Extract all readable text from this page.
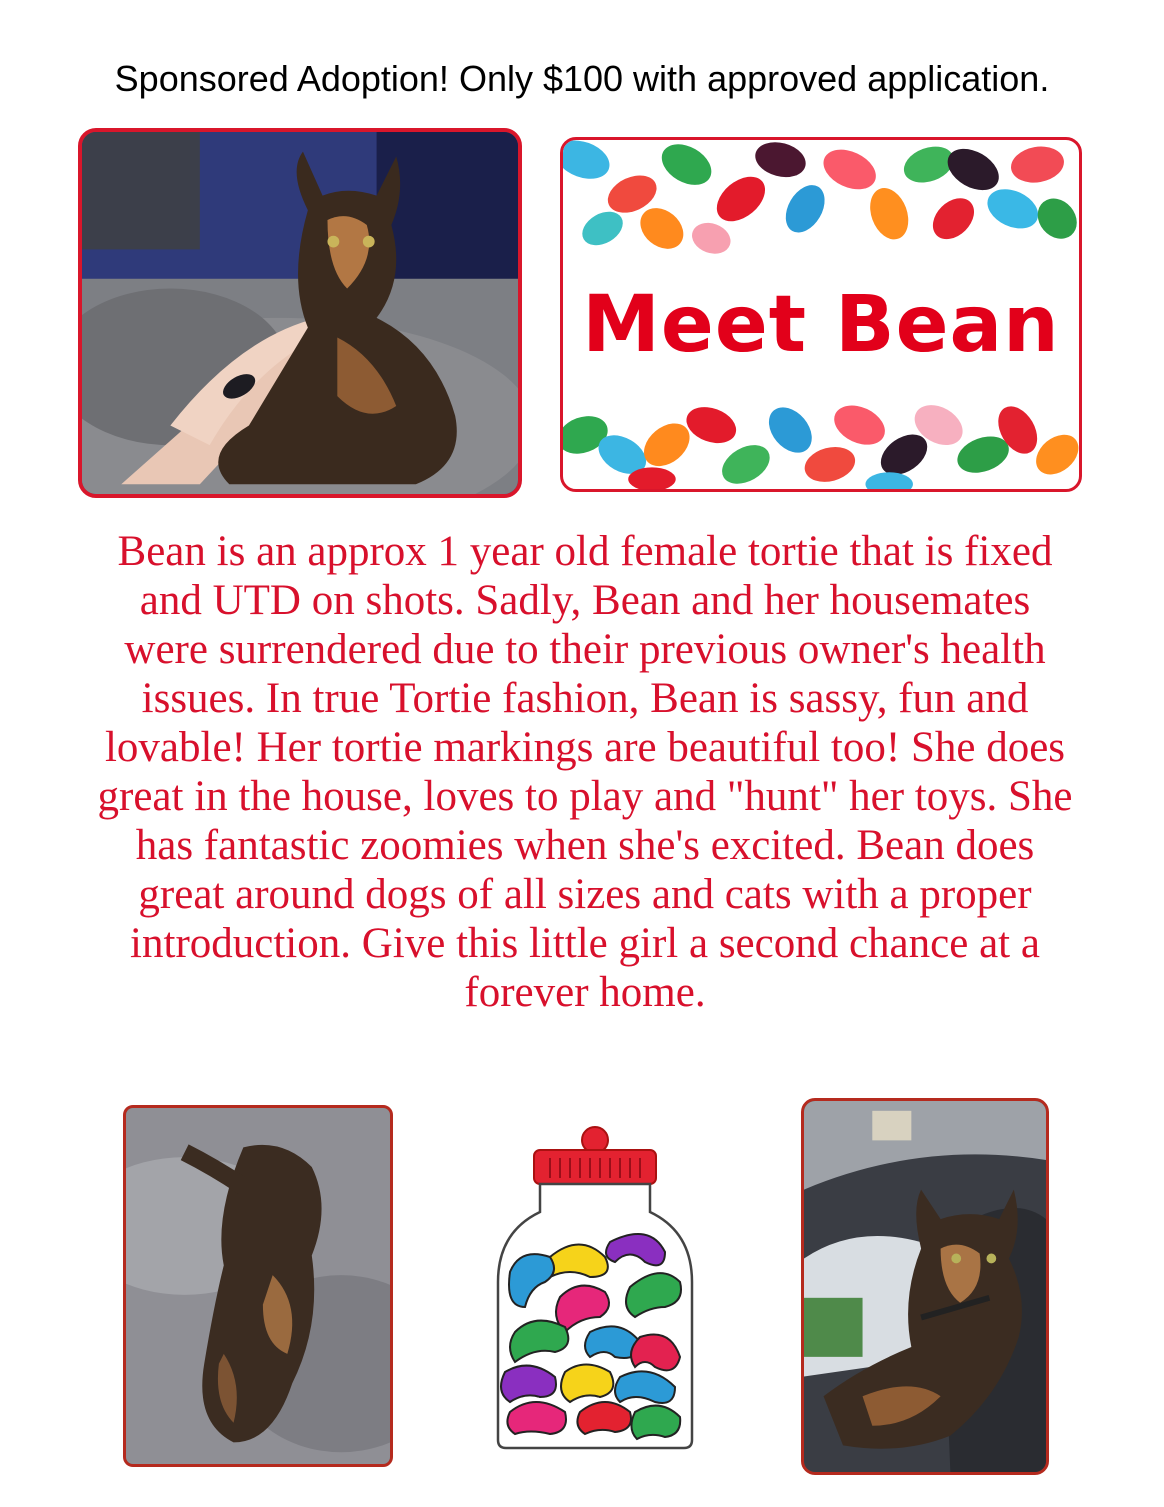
Sponsored Adoption! Only $100 with approved application.
Meet Bean
Bean is an approx 1 year old female tortie that is fixed and UTD on shots. Sadly, Bean and her housemates were surrendered due to their previous owner's health issues. In true Tortie fashion, Bean is sassy, fun and lovable! Her tortie markings are beautiful too! She does great in the house, loves to play and "hunt" her toys. She has fantastic zoomies when she's excited. Bean does great around dogs of all sizes and cats with a proper introduction. Give this little girl a second chance at a forever home.
